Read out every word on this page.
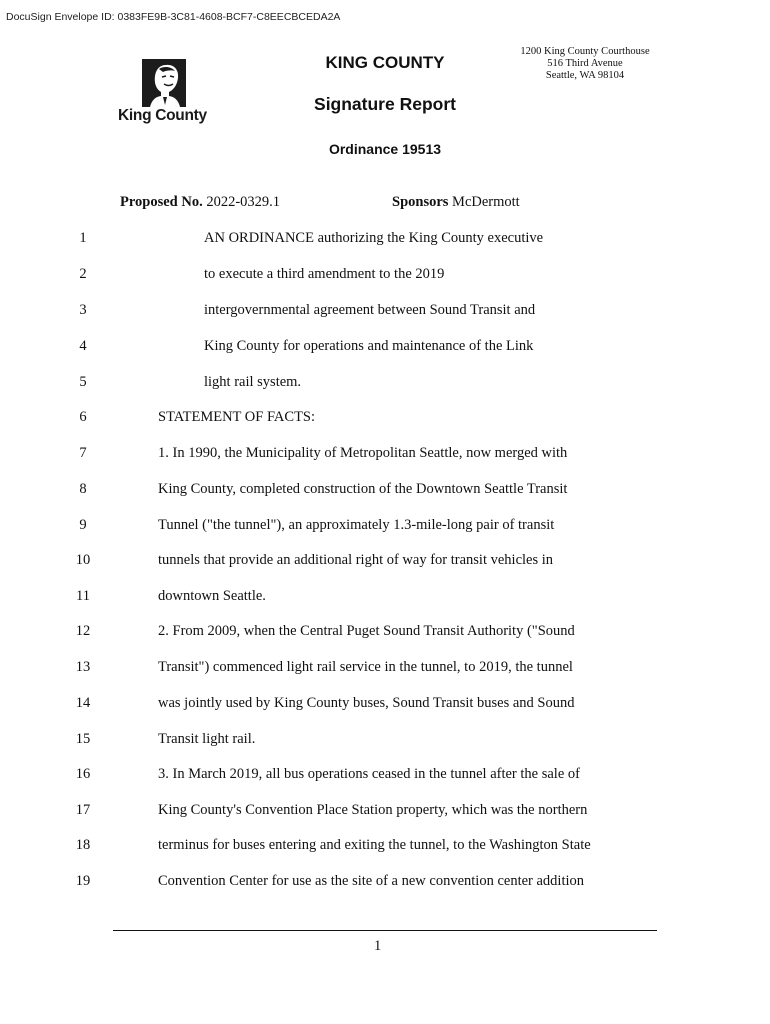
DocuSign Envelope ID: 0383FE9B-3C81-4608-BCF7-C8EECBCEDA2A
King County
KING COUNTY
Signature Report
Ordinance 19513
1200 King County Courthouse
516 Third Avenue
Seattle, WA 98104
Proposed No. 2022-0329.1	Sponsors McDermott
1	AN ORDINANCE authorizing the King County executive
2	to execute a third amendment to the 2019
3	intergovernmental agreement between Sound Transit and
4	King County for operations and maintenance of the Link
5	light rail system.
6	STATEMENT OF FACTS:
7	1. In 1990, the Municipality of Metropolitan Seattle, now merged with
8	King County, completed construction of the Downtown Seattle Transit
9	Tunnel ("the tunnel"), an approximately 1.3-mile-long pair of transit
10	tunnels that provide an additional right of way for transit vehicles in
11	downtown Seattle.
12	2. From 2009, when the Central Puget Sound Transit Authority ("Sound
13	Transit") commenced light rail service in the tunnel, to 2019, the tunnel
14	was jointly used by King County buses, Sound Transit buses and Sound
15	Transit light rail.
16	3. In March 2019, all bus operations ceased in the tunnel after the sale of
17	King County's Convention Place Station property, which was the northern
18	terminus for buses entering and exiting the tunnel, to the Washington State
19	Convention Center for use as the site of a new convention center addition
1
